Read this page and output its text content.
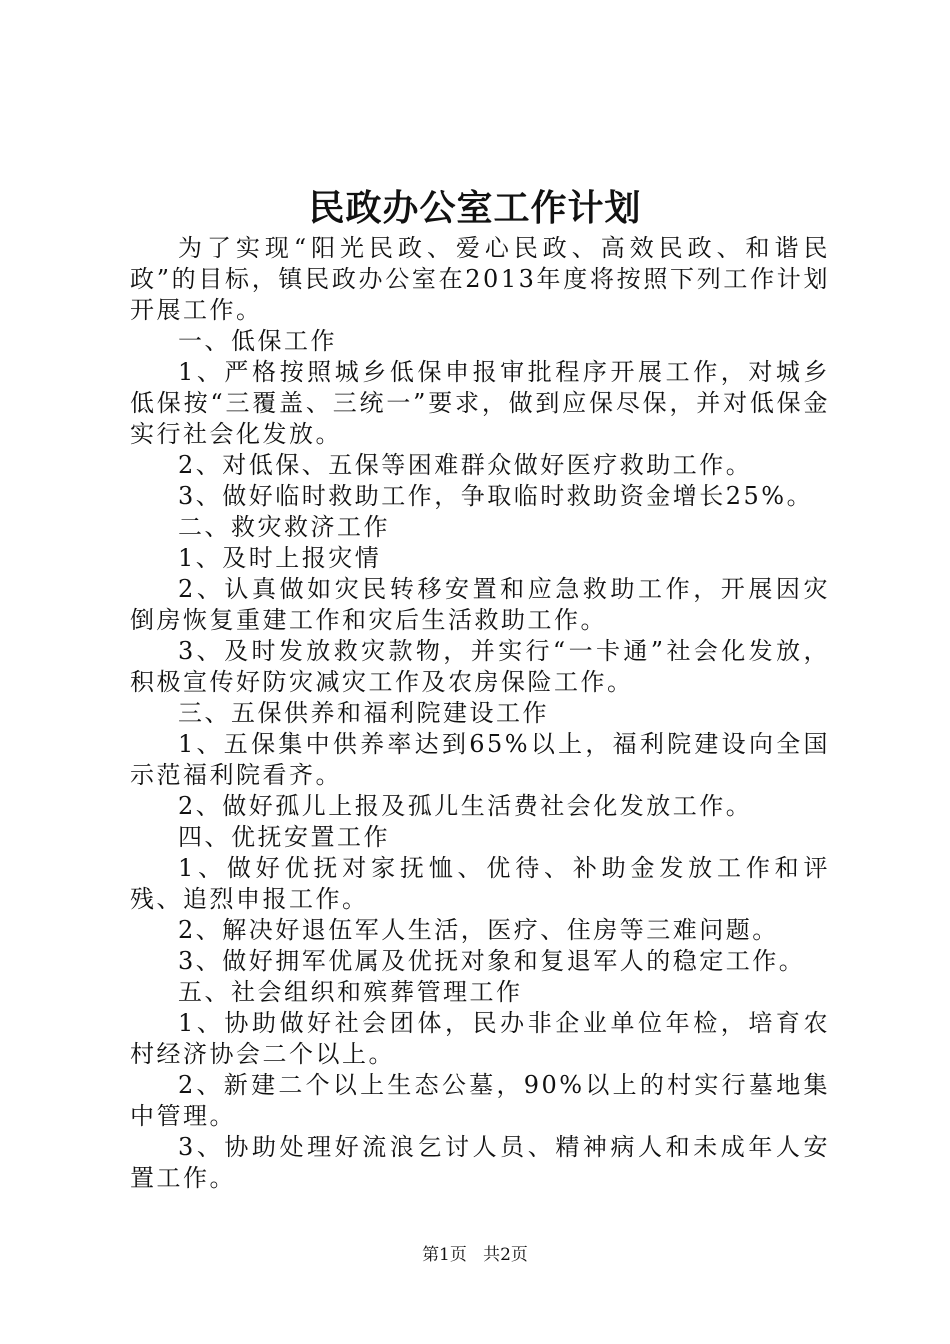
民政办公室工作计划

为了实现“阳光民政、爱心民政、高效民政、和谐民政”的目标，镇民政办公室在2013年度将按照下列工作计划开展工作。

一、低保工作

1、严格按照城乡低保申报审批程序开展工作，对城乡低保按“三覆盖、三统一”要求，做到应保尽保，并对低保金实行社会化发放。

2、对低保、五保等困难群众做好医疗救助工作。

3、做好临时救助工作，争取临时救助资金增长25%。

二、救灾救济工作

1、及时上报灾情

2、认真做如灾民转移安置和应急救助工作，开展因灾倒房恢复重建工作和灾后生活救助工作。

3、及时发放救灾款物，并实行“一卡通”社会化发放，积极宣传好防灾减灾工作及农房保险工作。

三、五保供养和福利院建设工作

1、五保集中供养率达到65%以上，福利院建设向全国示范福利院看齐。

2、做好孤儿上报及孤儿生活费社会化发放工作。

四、优抚安置工作

1、做好优抚对家抚恤、优待、补助金发放工作和评残、追烈申报工作。

2、解决好退伍军人生活，医疗、住房等三难问题。

3、做好拥军优属及优抚对象和复退军人的稳定工作。

五、社会组织和殡葬管理工作

1、协助做好社会团体，民办非企业单位年检，培育农村经济协会二个以上。

2、新建二个以上生态公墓，90%以上的村实行墓地集中管理。

3、协助处理好流浪乞讨人员、精神病人和未成年人安置工作。

第1页 共2页
